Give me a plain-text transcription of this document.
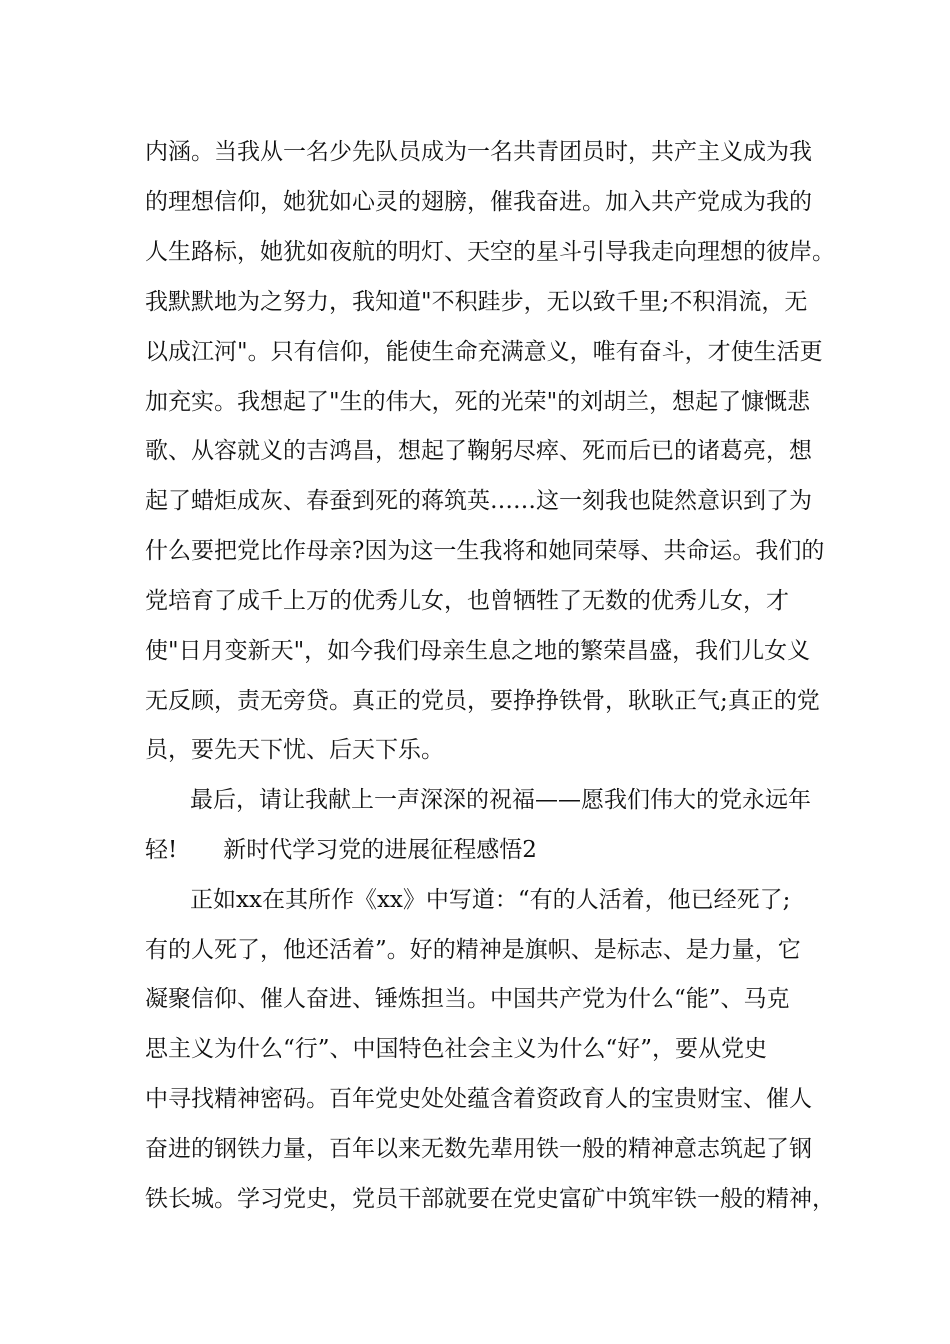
内涵。当我从一名少先队员成为一名共青团员时，共产主义成为我
的理想信仰，她犹如心灵的翅膀，催我奋进。加入共产党成为我的
人生路标，她犹如夜航的明灯、天空的星斗引导我走向理想的彼岸。
我默默地为之努力，我知道"不积跬步，无以致千里;不积涓流，无
以成江河"。只有信仰，能使生命充满意义，唯有奋斗，才使生活更
加充实。我想起了"生的伟大，死的光荣"的刘胡兰，想起了慷慨悲
歌、从容就义的吉鸿昌，想起了鞠躬尽瘁、死而后已的诸葛亮，想
起了蜡炬成灰、春蚕到死的蒋筑英……这一刻我也陡然意识到了为
什么要把党比作母亲?因为这一生我将和她同荣辱、共命运。我们的
党培育了成千上万的优秀儿女，也曾牺牲了无数的优秀儿女，才
使"日月变新天"，如今我们母亲生息之地的繁荣昌盛，我们儿女义
无反顾，责无旁贷。真正的党员，要挣挣铁骨，耿耿正气;真正的党
员，要先天下忧、后天下乐。
最后，请让我献上一声深深的祝福——愿我们伟大的党永远年
轻!　　新时代学习党的进展征程感悟2
正如xx在其所作《xx》中写道：“有的人活着，他已经死了;
有的人死了，他还活着”。好的精神是旗帜、是标志、是力量，它
凝聚信仰、催人奋进、锤炼担当。中国共产党为什么“能”、马克
思主义为什么“行”、中国特色社会主义为什么“好”，要从党史
中寻找精神密码。百年党史处处蕴含着资政育人的宝贵财宝、催人
奋进的钢铁力量，百年以来无数先辈用铁一般的精神意志筑起了钢
铁长城。学习党史，党员干部就要在党史富矿中筑牢铁一般的精神，
